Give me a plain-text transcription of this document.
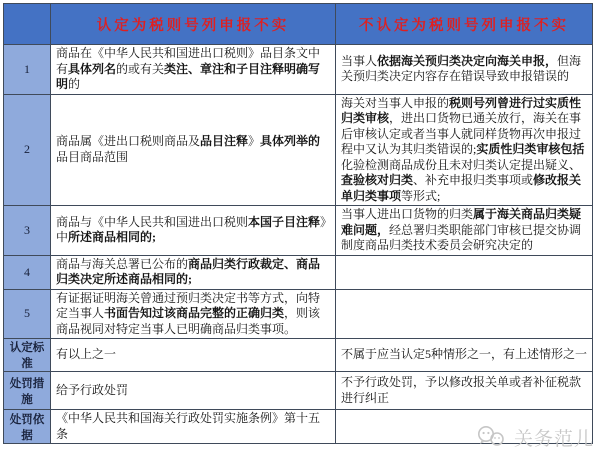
	认定为税则号列申报不实	不认定为税则号列申报不实
1	商品在《中华人民共和国进出口税则》品目条文中有具体列名的或有关类注、章注和子目注释明确写明的	当事人依据海关预归类决定向海关申报，但海关预归类决定内容存在错误导致申报错误的
2	商品属《进出口税则商品及品目注释》具体列举的品目商品范围	海关对当事人申报的税则号列曾进行过实质性归类审核，进出口货物已通关放行，海关在事后审核认定或者当事人就同样货物再次申报过程中又认为其归类错误的;实质性归类审核包括化验检测商品成份且未对归类认定提出疑义、查验核对归类、补充申报归类事项或修改报关单归类事项等形式;
3	商品与《中华人民共和国进出口税则本国子目注释》中所述商品相同的;	当事人进出口货物的归类属于海关商品归类疑难问题，经总署归类职能部门审核已提交协调制度商品归类技术委员会研究决定的
4	商品与海关总署已公布的商品归类行政裁定、商品归类决定所述商品相同的;	
5	有证据证明海关曾通过预归类决定书等方式，向特定当事人书面告知过该商品完整的正确归类，则该商品视同对特定当事人已明确商品归类事项。	
认定标准	有以上之一	不属于应当认定5种情形之一，有上述情形之一
处罚措施	给予行政处罚	不予行政处罚，予以修改报关单或者补征税款进行纠正
处罚依据	《中华人民共和国海关行政处罚实施条例》第十五条		关务范儿
